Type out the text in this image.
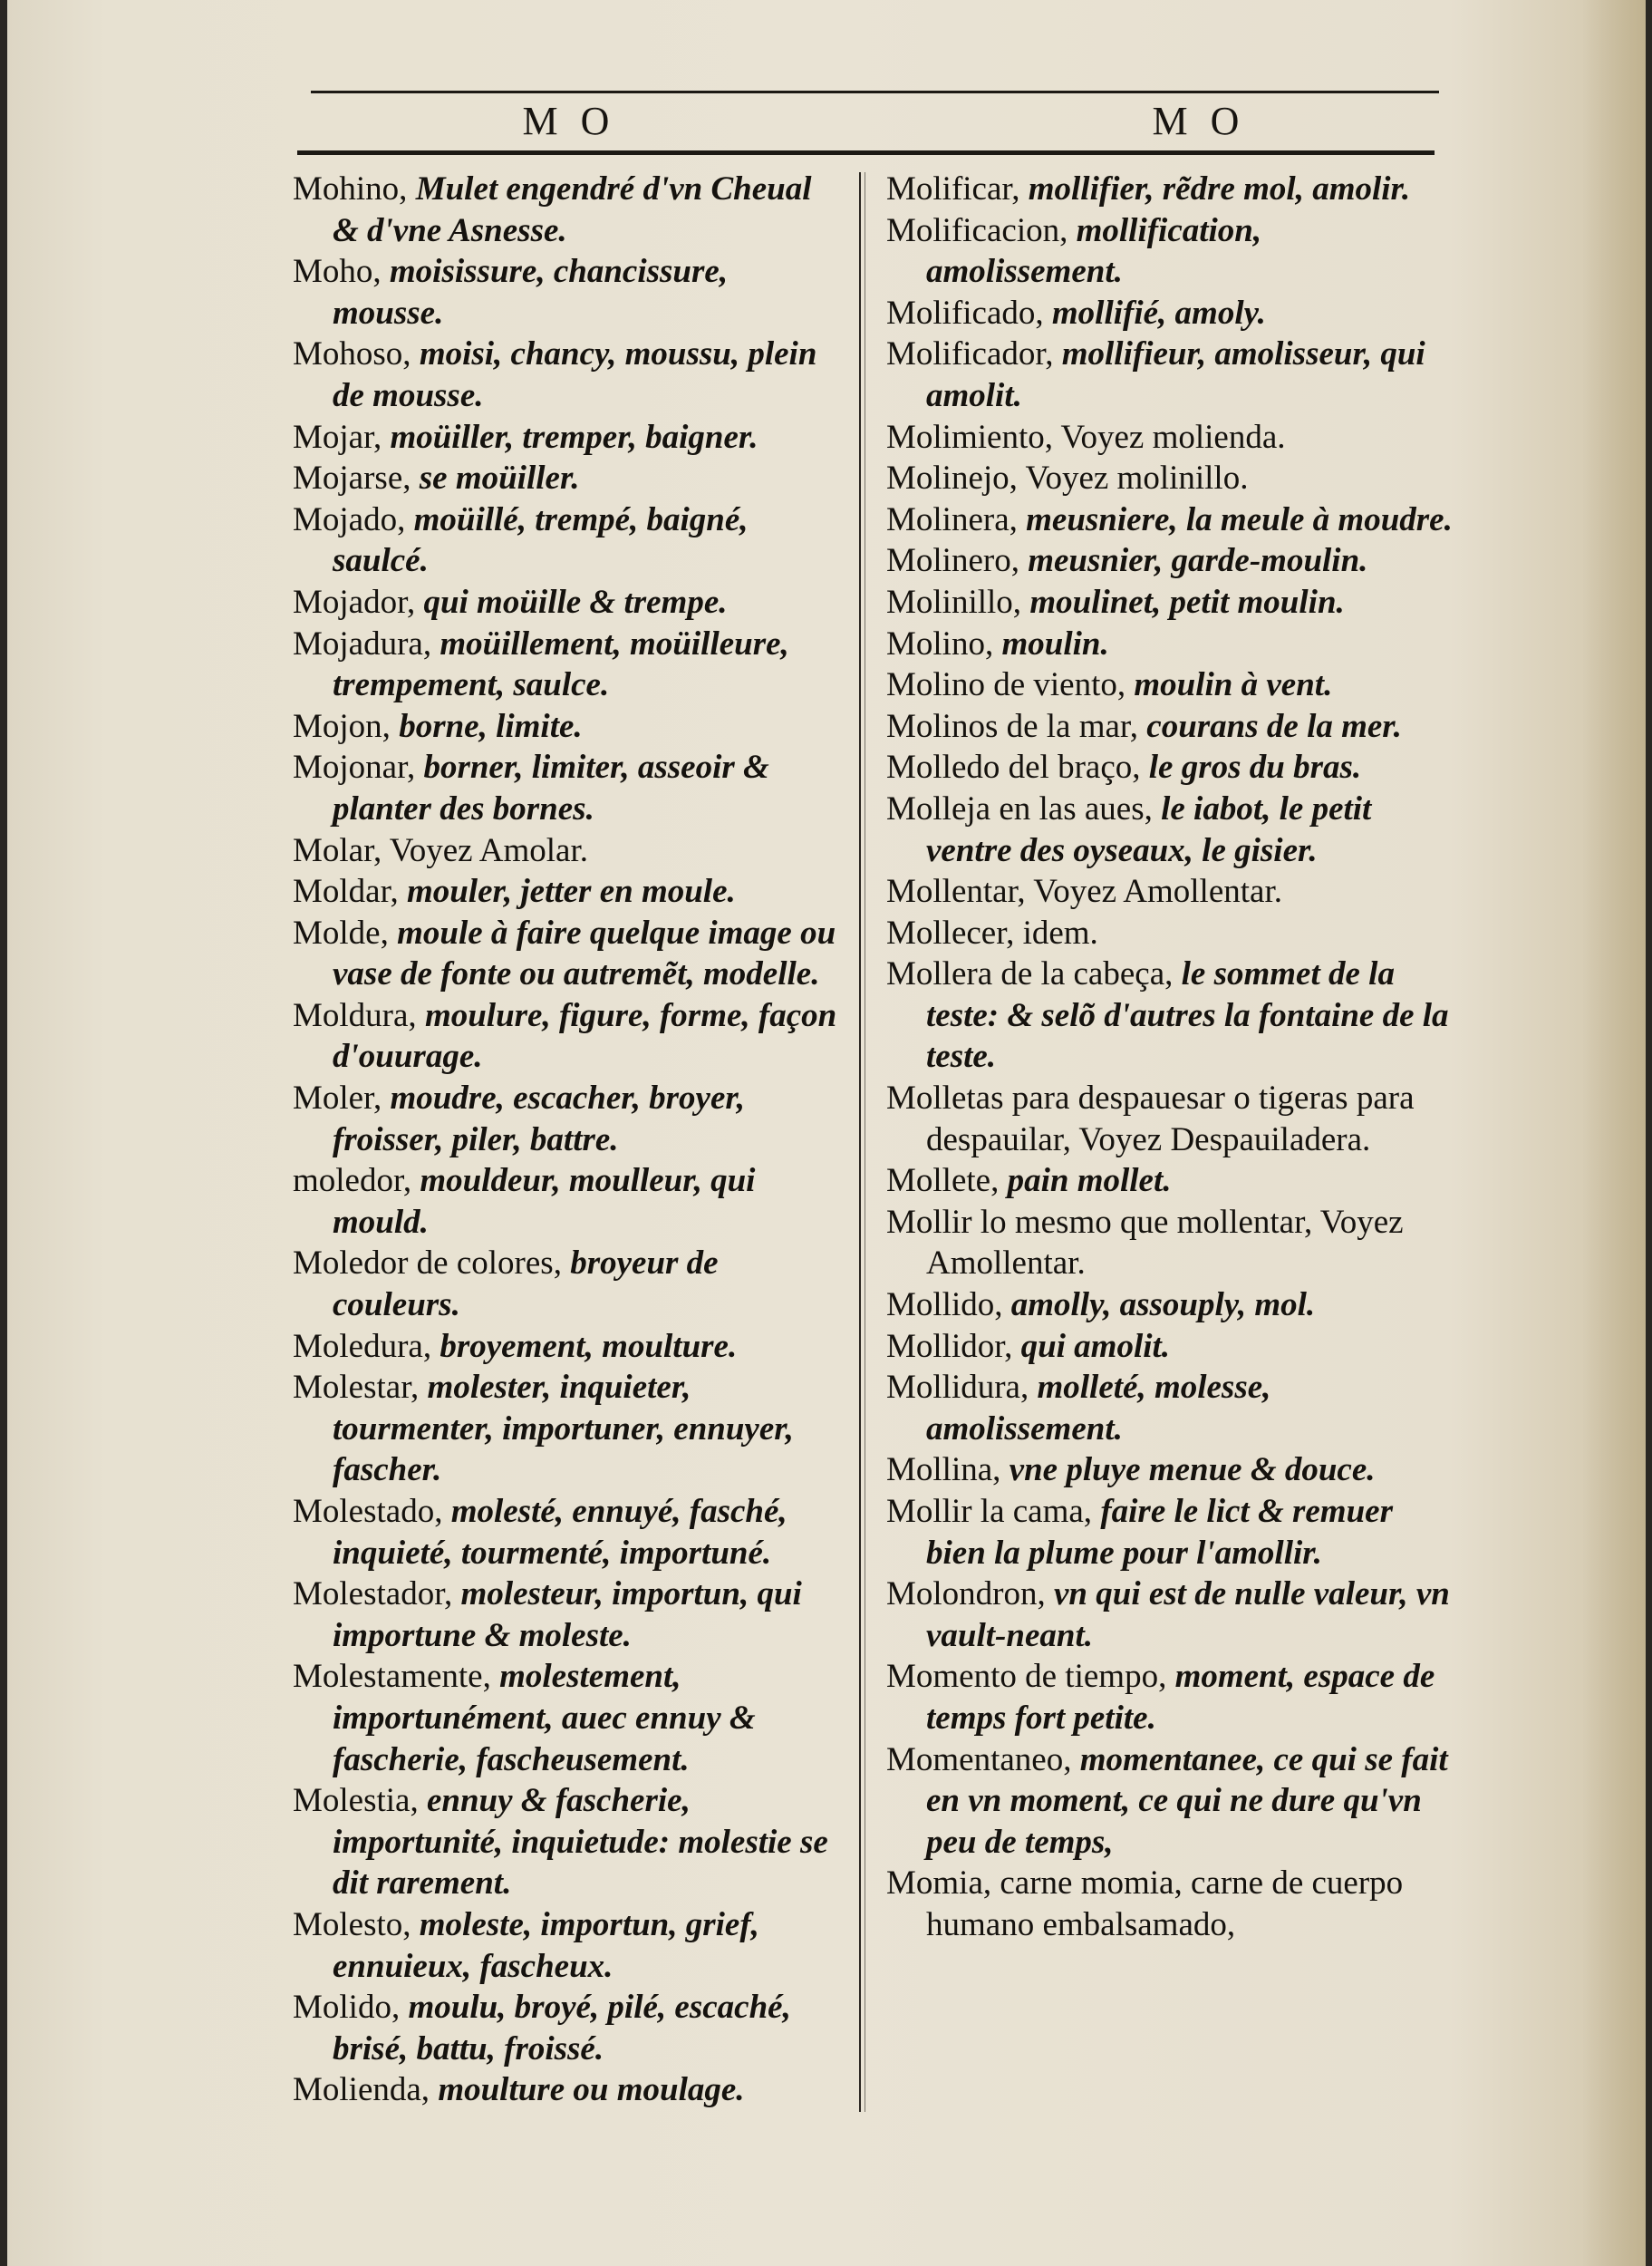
M O	M O
Mohino, Mulet engendré d'vn Cheual & d'vne Asnesse.
Moho, moisissure, chancissure, mousse.
Mohoso, moisi, chancy, moussu, plein de mousse.
Mojar, moüiller, tremper, baigner.
Mojarse, se moüiller.
Mojado, moüillé, trempé, baigné, saulcé.
Mojador, qui moüille & trempe.
Mojadura, moüillement, moüilleure, trempement, saulce.
Mojon, borne, limite.
Mojonar, borner, limiter, asseoir & planter des bornes.
Molar, Voyez Amolar.
Moldar, mouler, jetter en moule.
Molde, moule à faire quelque image ou vase de fonte ou autremẽt, modelle.
Moldura, moulure, figure, forme, façon d'ouurage.
Moler, moudre, escacher, broyer, froisser, piler, battre.
moledor, mouldeur, moulleur, qui mould.
Moledor de colores, broyeur de couleurs.
Moledura, broyement, moulture.
Molestar, molester, inquieter, tourmenter, importuner, ennuyer, fascher.
Molestado, molesté, ennuyé, fasché, inquieté, tourmenté, importuné.
Molestador, molesteur, importun, qui importune & moleste.
Molestamente, molestement, importunément, auec ennuy & fascherie, fascheusement.
Molestia, ennuy & fascherie, importunité, inquietude: molestie se dit rarement.
Molesto, moleste, importun, grief, ennuieux, fascheux.
Molido, moulu, broyé, pilé, escaché, brisé, battu, froissé.
Molienda, moulture ou moulage.
Molificar, mollifier, rẽdre mol, amolir.
Molificacion, mollification, amolissement.
Molificado, mollifié, amoly.
Molificador, mollifieur, amolisseur, qui amolit.
Molimiento, Voyez molienda.
Molinejo, Voyez molinillo.
Molinera, meusniere, la meule à moudre.
Molinero, meusnier, garde-moulin.
Molinillo, moulinet, petit moulin.
Molino, moulin.
Molino de viento, moulin à vent.
Molinos de la mar, courans de la mer.
Molledo del braço, le gros du bras.
Molleja en las aues, le iabot, le petit ventre des oyseaux, le gisier.
Mollentar, Voyez Amollentar.
Mollecer, idem.
Mollera de la cabeça, le sommet de la teste: & selõ d'autres la fontaine de la teste.
Molletas para despauesar o tigeras para despauilar, Voyez Despauiladera.
Mollete, pain mollet.
Mollir lo mesmo que mollentar, Voyez Amollentar.
Mollido, amolly, assouply, mol.
Mollidor, qui amolit.
Mollidura, molleté, molesse, amolissement.
Mollina, vne pluye menue & douce.
Mollir la cama, faire le lict & remuer bien la plume pour l'amollir.
Molondron, vn qui est de nulle valeur, vn vault-neant.
Momento de tiempo, moment, espace de temps fort petite.
Momentaneo, momentanee, ce qui se fait en vn moment, ce qui ne dure qu'vn peu de temps,
Momia, carne momia, carne de cuerpo humano embalsamado,
